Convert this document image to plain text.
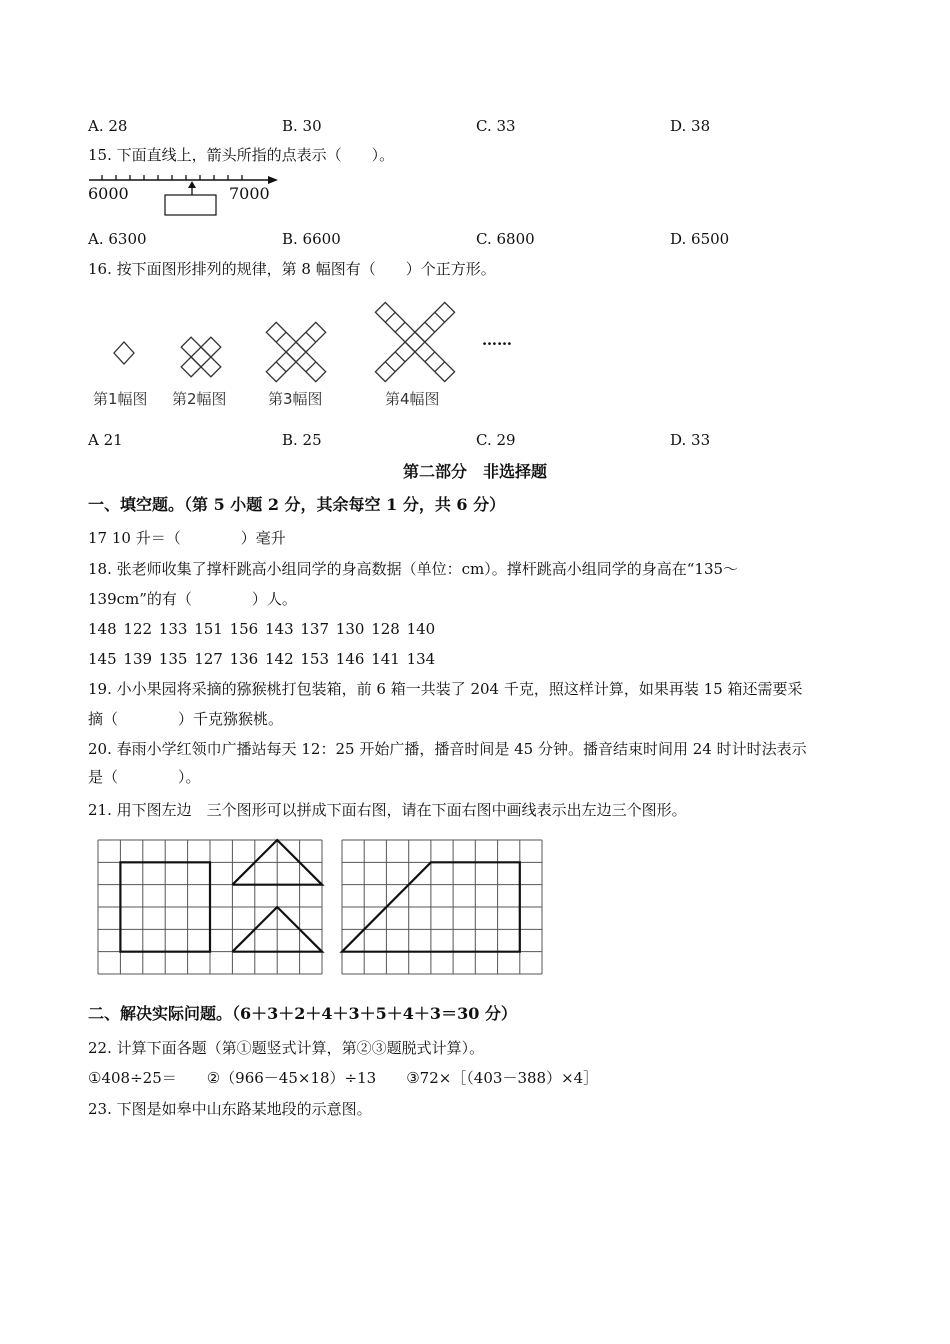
A. 28	B. 30	C. 33	D. 38
15. 下面直线上，箭头所指的点表示（　　）。
6000	7000
A. 6300	B. 6600	C. 6800	D. 6500
16. 按下面图形排列的规律，第 8 幅图有（　　）个正方形。
……
第1幅图 第2幅图	第3幅图	第4幅图
A 21	B. 25	C. 29	D. 33
第二部分　非选择题
一、填空题。（第 5 小题 2 分，其余每空 1 分，共 6 分）
17 10 升＝（　　　　）毫升
18. 张老师收集了撑杆跳高小组同学的身高数据（单位：cm）。撑杆跳高小组同学的身高在“135～
139cm”的有（　　　　）人。
148 122 133 151 156 143 137 130 128 140
145 139 135 127 136 142 153 146 141 134
19. 小小果园将采摘的猕猴桃打包装箱，前 6 箱一共装了 204 千克，照这样计算，如果再装 15 箱还需要采
摘（　　　　）千克猕猴桃。
20. 春雨小学红领巾广播站每天 12：25 开始广播，播音时间是 45 分钟。播音结束时间用 24 时计时法表示
是（　　　　）。
21. 用下图左边　三个图形可以拼成下面右图，请在下面右图中画线表示出左边三个图形。
二、解决实际问题。（6＋3＋2＋4＋3＋5＋4＋3＝30 分）
22. 计算下面各题（第①题竖式计算，第②③题脱式计算）。
①408÷25＝　　②（966－45×18）÷13　　③72×［（403－388）×4］
23. 下图是如皋中山东路某地段的示意图。
